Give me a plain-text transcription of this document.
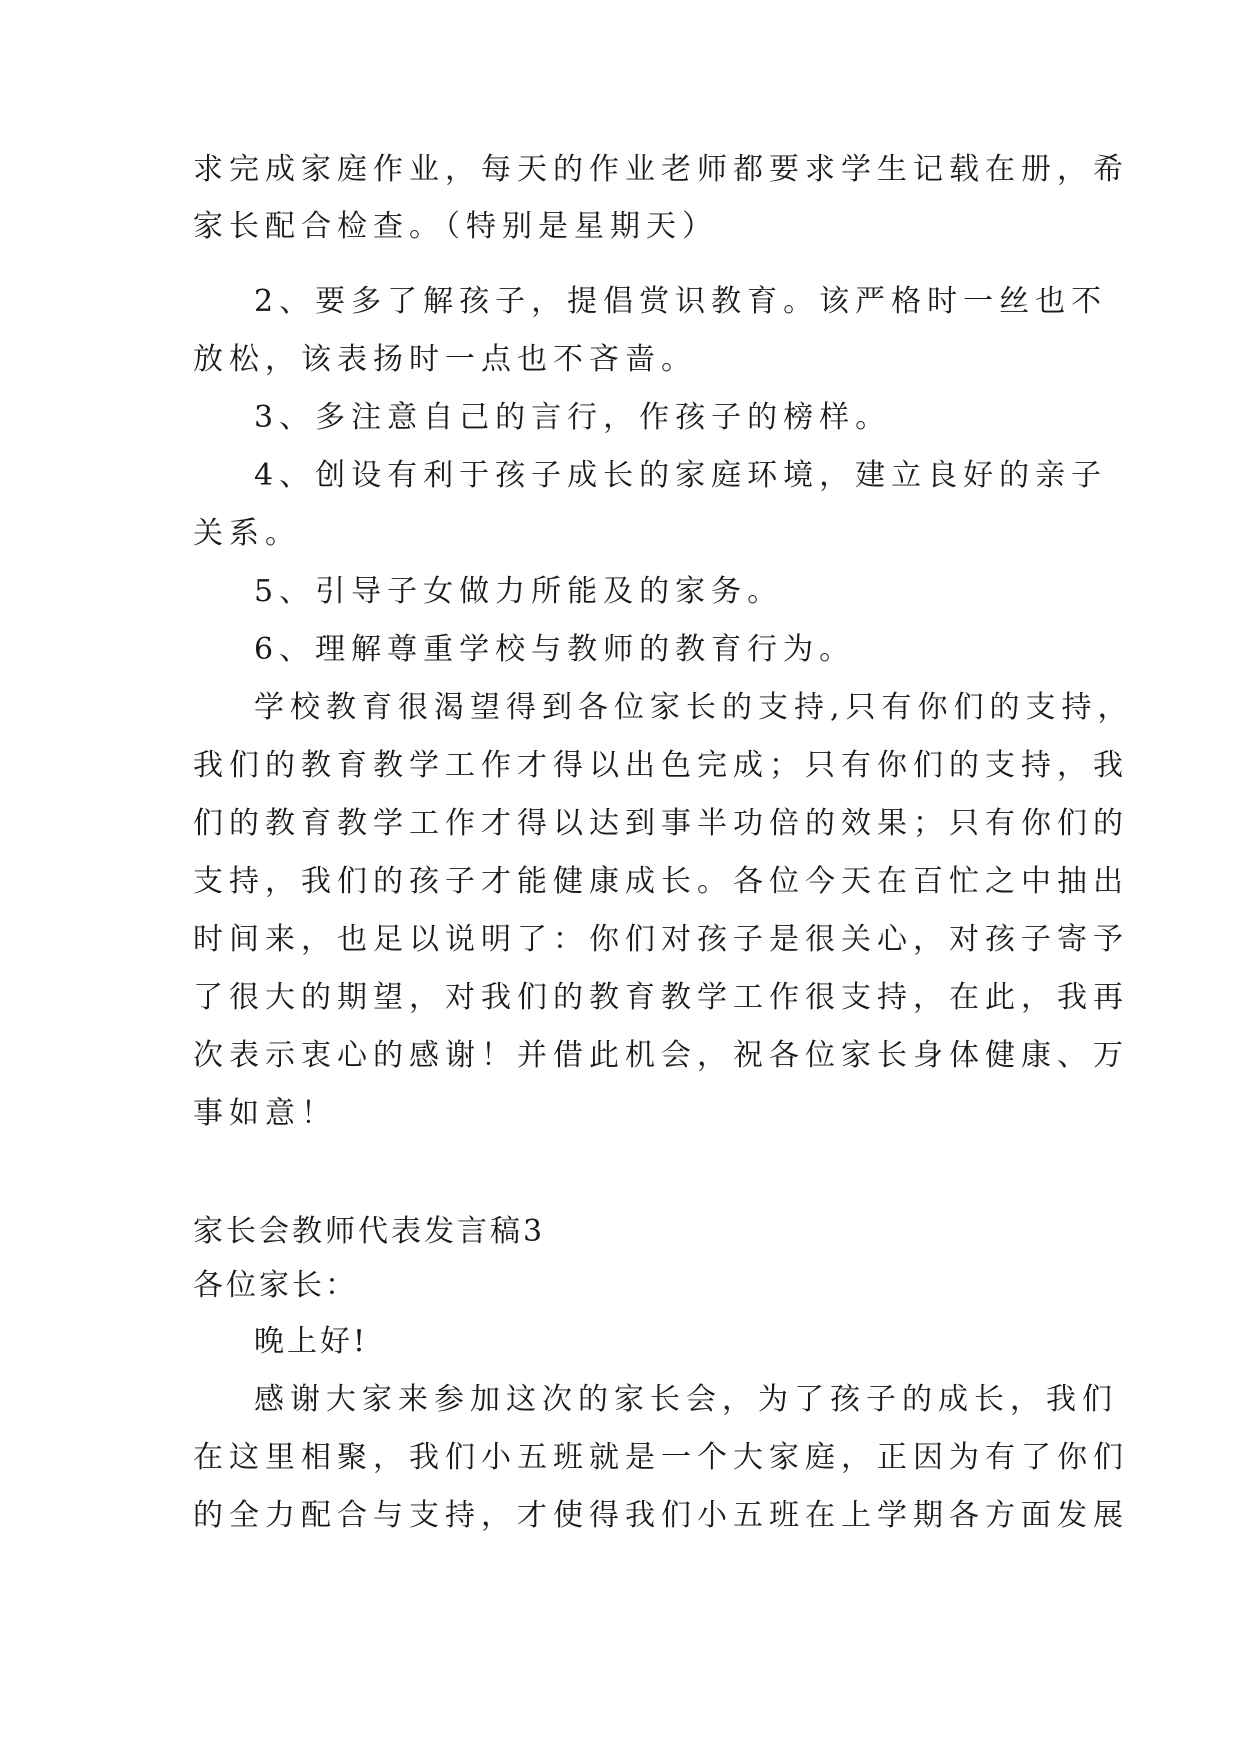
求完成家庭作业，每天的作业老师都要求学生记载在册，希
家长配合检查。（特别是星期天）
2、要多了解孩子，提倡赏识教育。该严格时一丝也不
放松，该表扬时一点也不吝啬。
3、多注意自己的言行，作孩子的榜样。
4、创设有利于孩子成长的家庭环境，建立良好的亲子
关系。
5、引导子女做力所能及的家务。
6、理解尊重学校与教师的教育行为。
学校教育很渴望得到各位家长的支持,只有你们的支持，
我们的教育教学工作才得以出色完成；只有你们的支持，我
们的教育教学工作才得以达到事半功倍的效果；只有你们的
支持，我们的孩子才能健康成长。各位今天在百忙之中抽出
时间来，也足以说明了：你们对孩子是很关心，对孩子寄予
了很大的期望，对我们的教育教学工作很支持，在此，我再
次表示衷心的感谢！并借此机会，祝各位家长身体健康、万
事如意！
家长会教师代表发言稿3
各位家长：
晚上好!
感谢大家来参加这次的家长会，为了孩子的成长，我们
在这里相聚，我们小五班就是一个大家庭，正因为有了你们
的全力配合与支持，才使得我们小五班在上学期各方面发展
